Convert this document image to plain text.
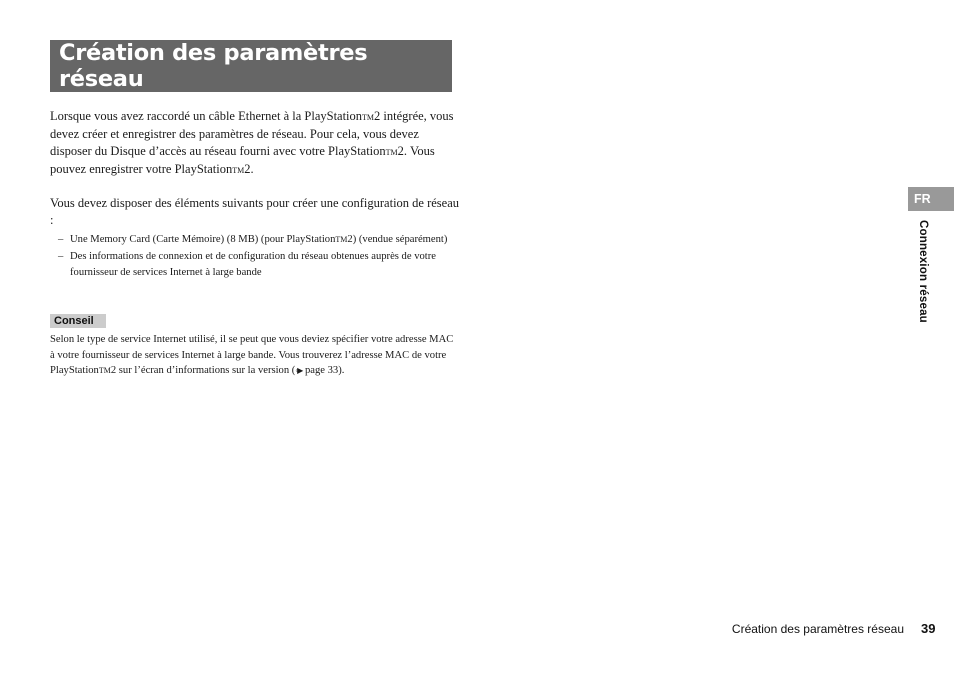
Création des paramètres réseau

Lorsque vous avez raccordé un câble Ethernet à la PlayStationTM2 intégrée, vous devez créer et enregistrer des paramètres de réseau. Pour cela, vous devez disposer du Disque d’accès au réseau fourni avec votre PlayStationTM2. Vous pouvez enregistrer votre PlayStationTM2.

Vous devez disposer des éléments suivants pour créer une configuration de réseau :

– Une Memory Card (Carte Mémoire) (8 MB) (pour PlayStationTM2) (vendue séparément)
– Des informations de connexion et de configuration du réseau obtenues auprès de votre fournisseur de services Internet à large bande
Conseil

Selon le type de service Internet utilisé, il se peut que vous deviez spécifier votre adresse MAC à votre fournisseur de services Internet à large bande. Vous trouverez l’adresse MAC de votre PlayStationTM2 sur l’écran d’informations sur la version (◦▶ page 33).

FR
Connexion réseau
Création des paramètres réseau 39
